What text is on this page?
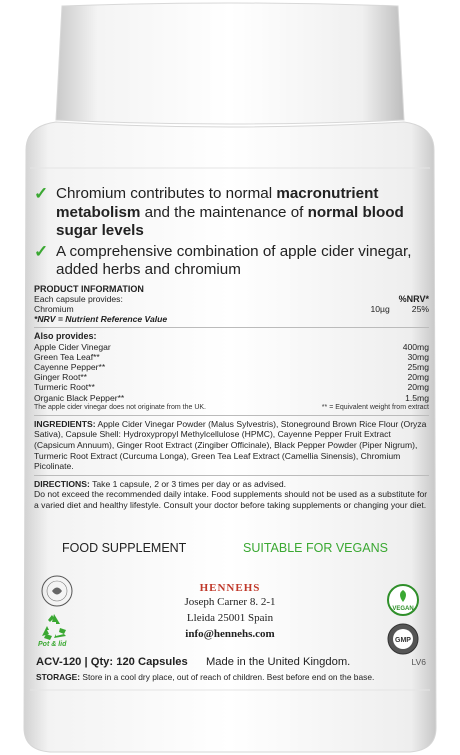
✓ Chromium contributes to normal macronutrient metabolism and the maintenance of normal blood sugar levels
✓ A comprehensive combination of apple cider vinegar, added herbs and chromium
PRODUCT INFORMATION
Each capsule provides:	%NRV*
Chromium	10µg	25%
*NRV = Nutrient Reference Value
Also provides:
Apple Cider Vinegar	400mg
Green Tea Leaf**	30mg
Cayenne Pepper**	25mg
Ginger Root**	20mg
Turmeric Root**	20mg
Organic Black Pepper**	1.5mg
The apple cider vinegar does not originate from the UK.	** = Equivalent weight from extract
INGREDIENTS: Apple Cider Vinegar Powder (Malus Sylvestris), Stoneground Brown Rice Flour (Oryza Sativa), Capsule Shell: Hydroxypropyl Methylcellulose (HPMC), Cayenne Pepper Fruit Extract (Capsicum Annuum), Ginger Root Extract (Zingiber Officinale), Black Pepper Powder (Piper Nigrum), Turmeric Root Extract (Curcuma Longa), Green Tea Leaf Extract (Camellia Sinensis), Chromium Picolinate.
DIRECTIONS: Take 1 capsule, 2 or 3 times per day or as advised.
Do not exceed the recommended daily intake. Food supplements should not be used as a substitute for a varied diet and healthy lifestyle. Consult your doctor before taking supplements or changing your diet.
FOOD SUPPLEMENT	SUITABLE FOR VEGANS
Pot & lid
HENNEHS
Joseph Carner 8. 2-1
Lleida 25001 Spain
info@hennehs.com
VEGAN
GMP
ACV-120 | Qty: 120 Capsules Made in the United Kingdom.	LV6
STORAGE: Store in a cool dry place, out of reach of children. Best before end on the base.
